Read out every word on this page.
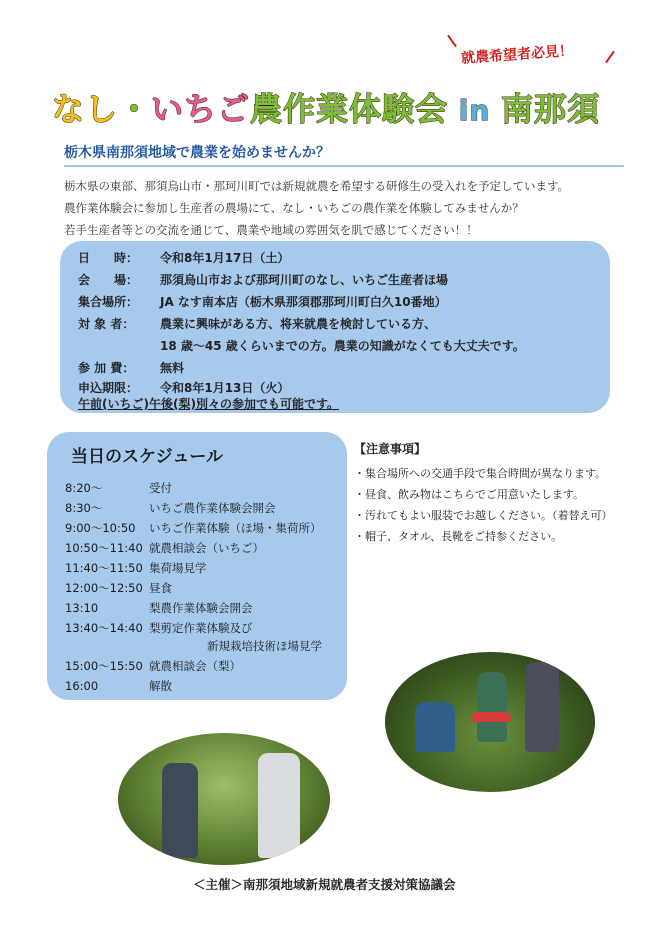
就農希望者必見！
なし・いちご農作業体験会 in 南那須
栃木県南那須地域で農業を始めませんか？
栃木県の東部、那須烏山市・那珂川町では新規就農を希望する研修生の受入れを予定しています。
農作業体験会に参加し生産者の農場にて、なし・いちごの農作業を体験してみませんか？
若手生産者等との交流を通じて、農業や地域の雰囲気を肌で感じてください！！
日　　時： 令和8年1月17日（土）
会　　場： 那須烏山市および那珂川町のなし、いちご生産者ほ場
集合場所： JA なす南本店（栃木県那須郡那珂川町白久10番地）
対 象 者： 農業に興味がある方、将来就農を検討している方、
18 歳～45 歳くらいまでの方。農業の知識がなくても大丈夫です。
参 加 費： 無料
申込期限： 令和8年1月13日（火）
午前(いちご)午後(梨)別々の参加でも可能です。
当日のスケジュール
8:20～	受付
8:30～	いちご農作業体験会開会
9:00～10:50 いちご作業体験（ほ場・集荷所）
10:50～11:40 就農相談会（いちご）
11:40～11:50 集荷場見学
12:00～12:50 昼食
13:10	梨農作業体験会開会
13:40～14:40 梨剪定作業体験及び
新規栽培技術ほ場見学
15:00～15:50 就農相談会（梨）
16:00	解散
【注意事項】
・集合場所への交通手段で集合時間が異なります。
・昼食、飲み物はこちらでご用意いたします。
・汚れてもよい服装でお越しください。（着替え可）
・帽子、タオル、長靴をご持参ください。
＜主催＞南那須地域新規就農者支援対策協議会
